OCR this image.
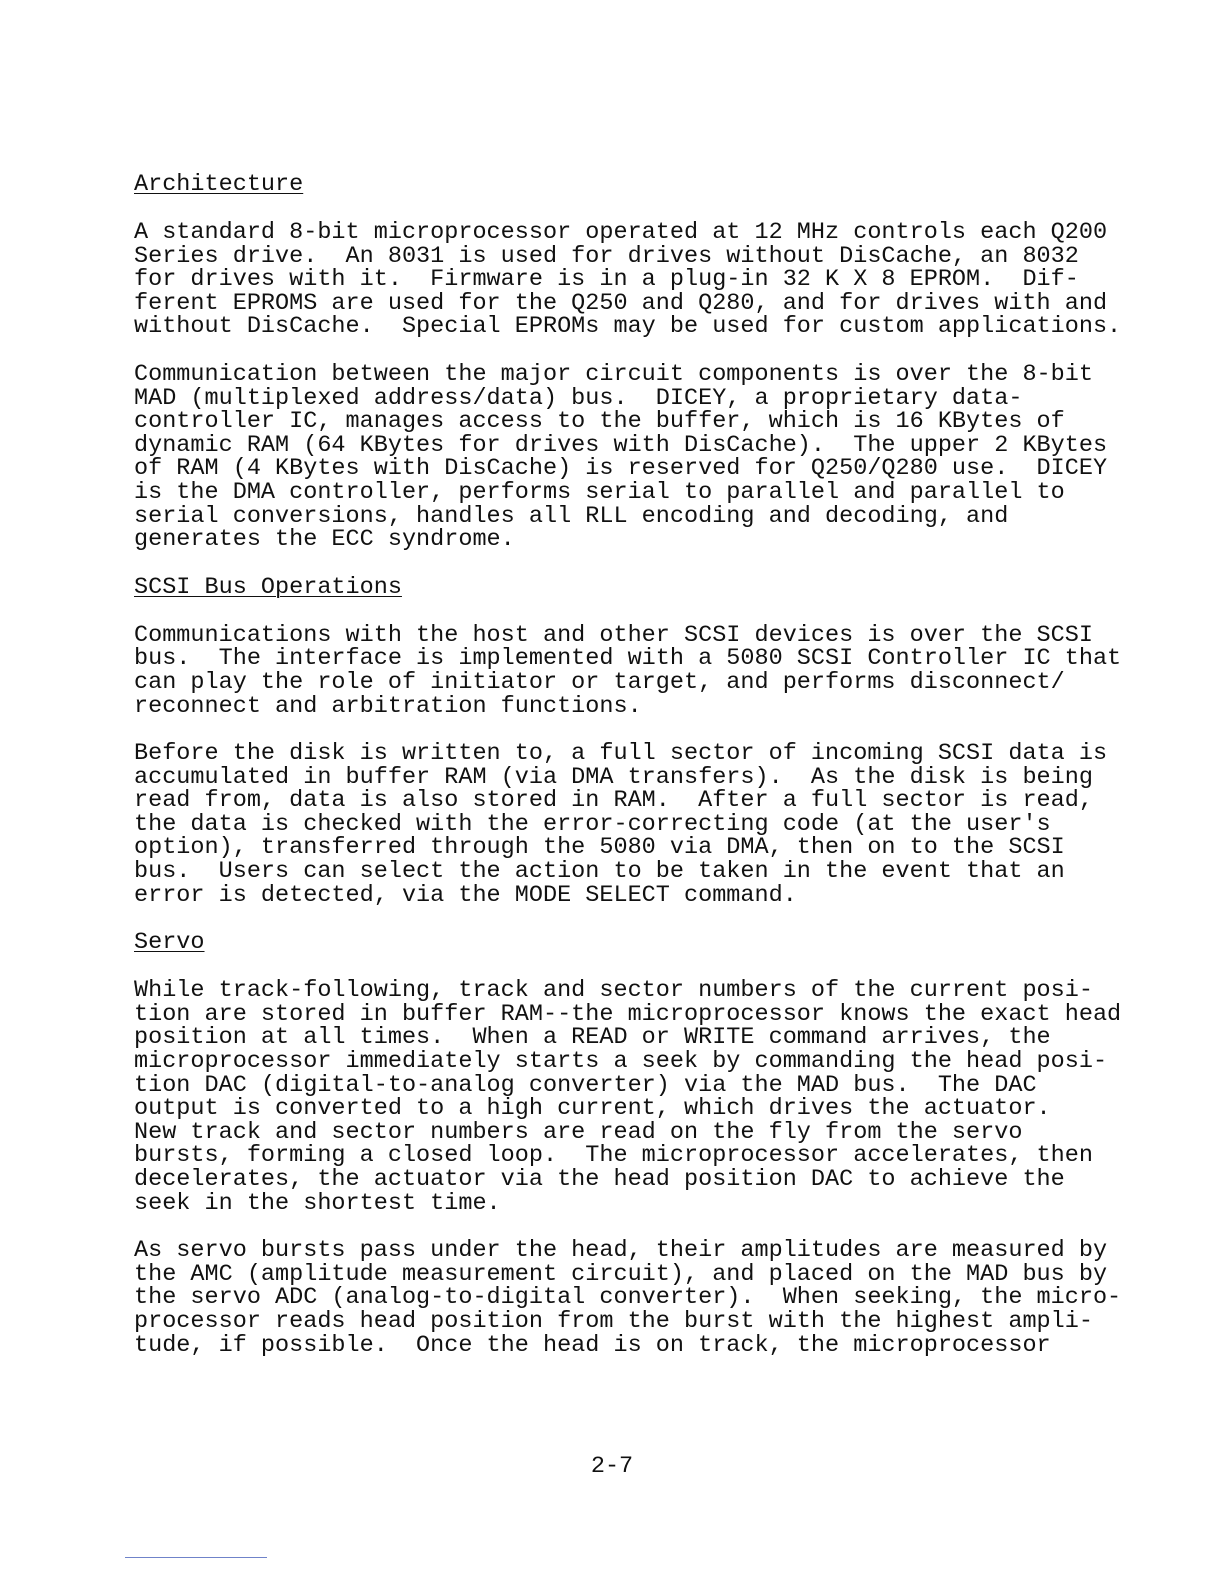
Architecture
A standard 8-bit microprocessor operated at 12 MHz controls each Q200
Series drive.  An 8031 is used for drives without DisCache, an 8032
for drives with it.  Firmware is in a plug-in 32 K X 8 EPROM.  Dif-
ferent EPROMS are used for the Q250 and Q280, and for drives with and
without DisCache.  Special EPROMs may be used for custom applications.
Communication between the major circuit components is over the 8-bit
MAD (multiplexed address/data) bus.  DICEY, a proprietary data-
controller IC, manages access to the buffer, which is 16 KBytes of
dynamic RAM (64 KBytes for drives with DisCache).  The upper 2 KBytes
of RAM (4 KBytes with DisCache) is reserved for Q250/Q280 use.  DICEY
is the DMA controller, performs serial to parallel and parallel to
serial conversions, handles all RLL encoding and decoding, and
generates the ECC syndrome.
SCSI Bus Operations
Communications with the host and other SCSI devices is over the SCSI
bus.  The interface is implemented with a 5080 SCSI Controller IC that
can play the role of initiator or target, and performs disconnect/
reconnect and arbitration functions.
Before the disk is written to, a full sector of incoming SCSI data is
accumulated in buffer RAM (via DMA transfers).  As the disk is being
read from, data is also stored in RAM.  After a full sector is read,
the data is checked with the error-correcting code (at the user's
option), transferred through the 5080 via DMA, then on to the SCSI
bus.  Users can select the action to be taken in the event that an
error is detected, via the MODE SELECT command.
Servo
While track-following, track and sector numbers of the current posi-
tion are stored in buffer RAM--the microprocessor knows the exact head
position at all times.  When a READ or WRITE command arrives, the
microprocessor immediately starts a seek by commanding the head posi-
tion DAC (digital-to-analog converter) via the MAD bus.  The DAC
output is converted to a high current, which drives the actuator.
New track and sector numbers are read on the fly from the servo
bursts, forming a closed loop.  The microprocessor accelerates, then
decelerates, the actuator via the head position DAC to achieve the
seek in the shortest time.
As servo bursts pass under the head, their amplitudes are measured by
the AMC (amplitude measurement circuit), and placed on the MAD bus by
the servo ADC (analog-to-digital converter).  When seeking, the micro-
processor reads head position from the burst with the highest ampli-
tude, if possible.  Once the head is on track, the microprocessor
2-7
